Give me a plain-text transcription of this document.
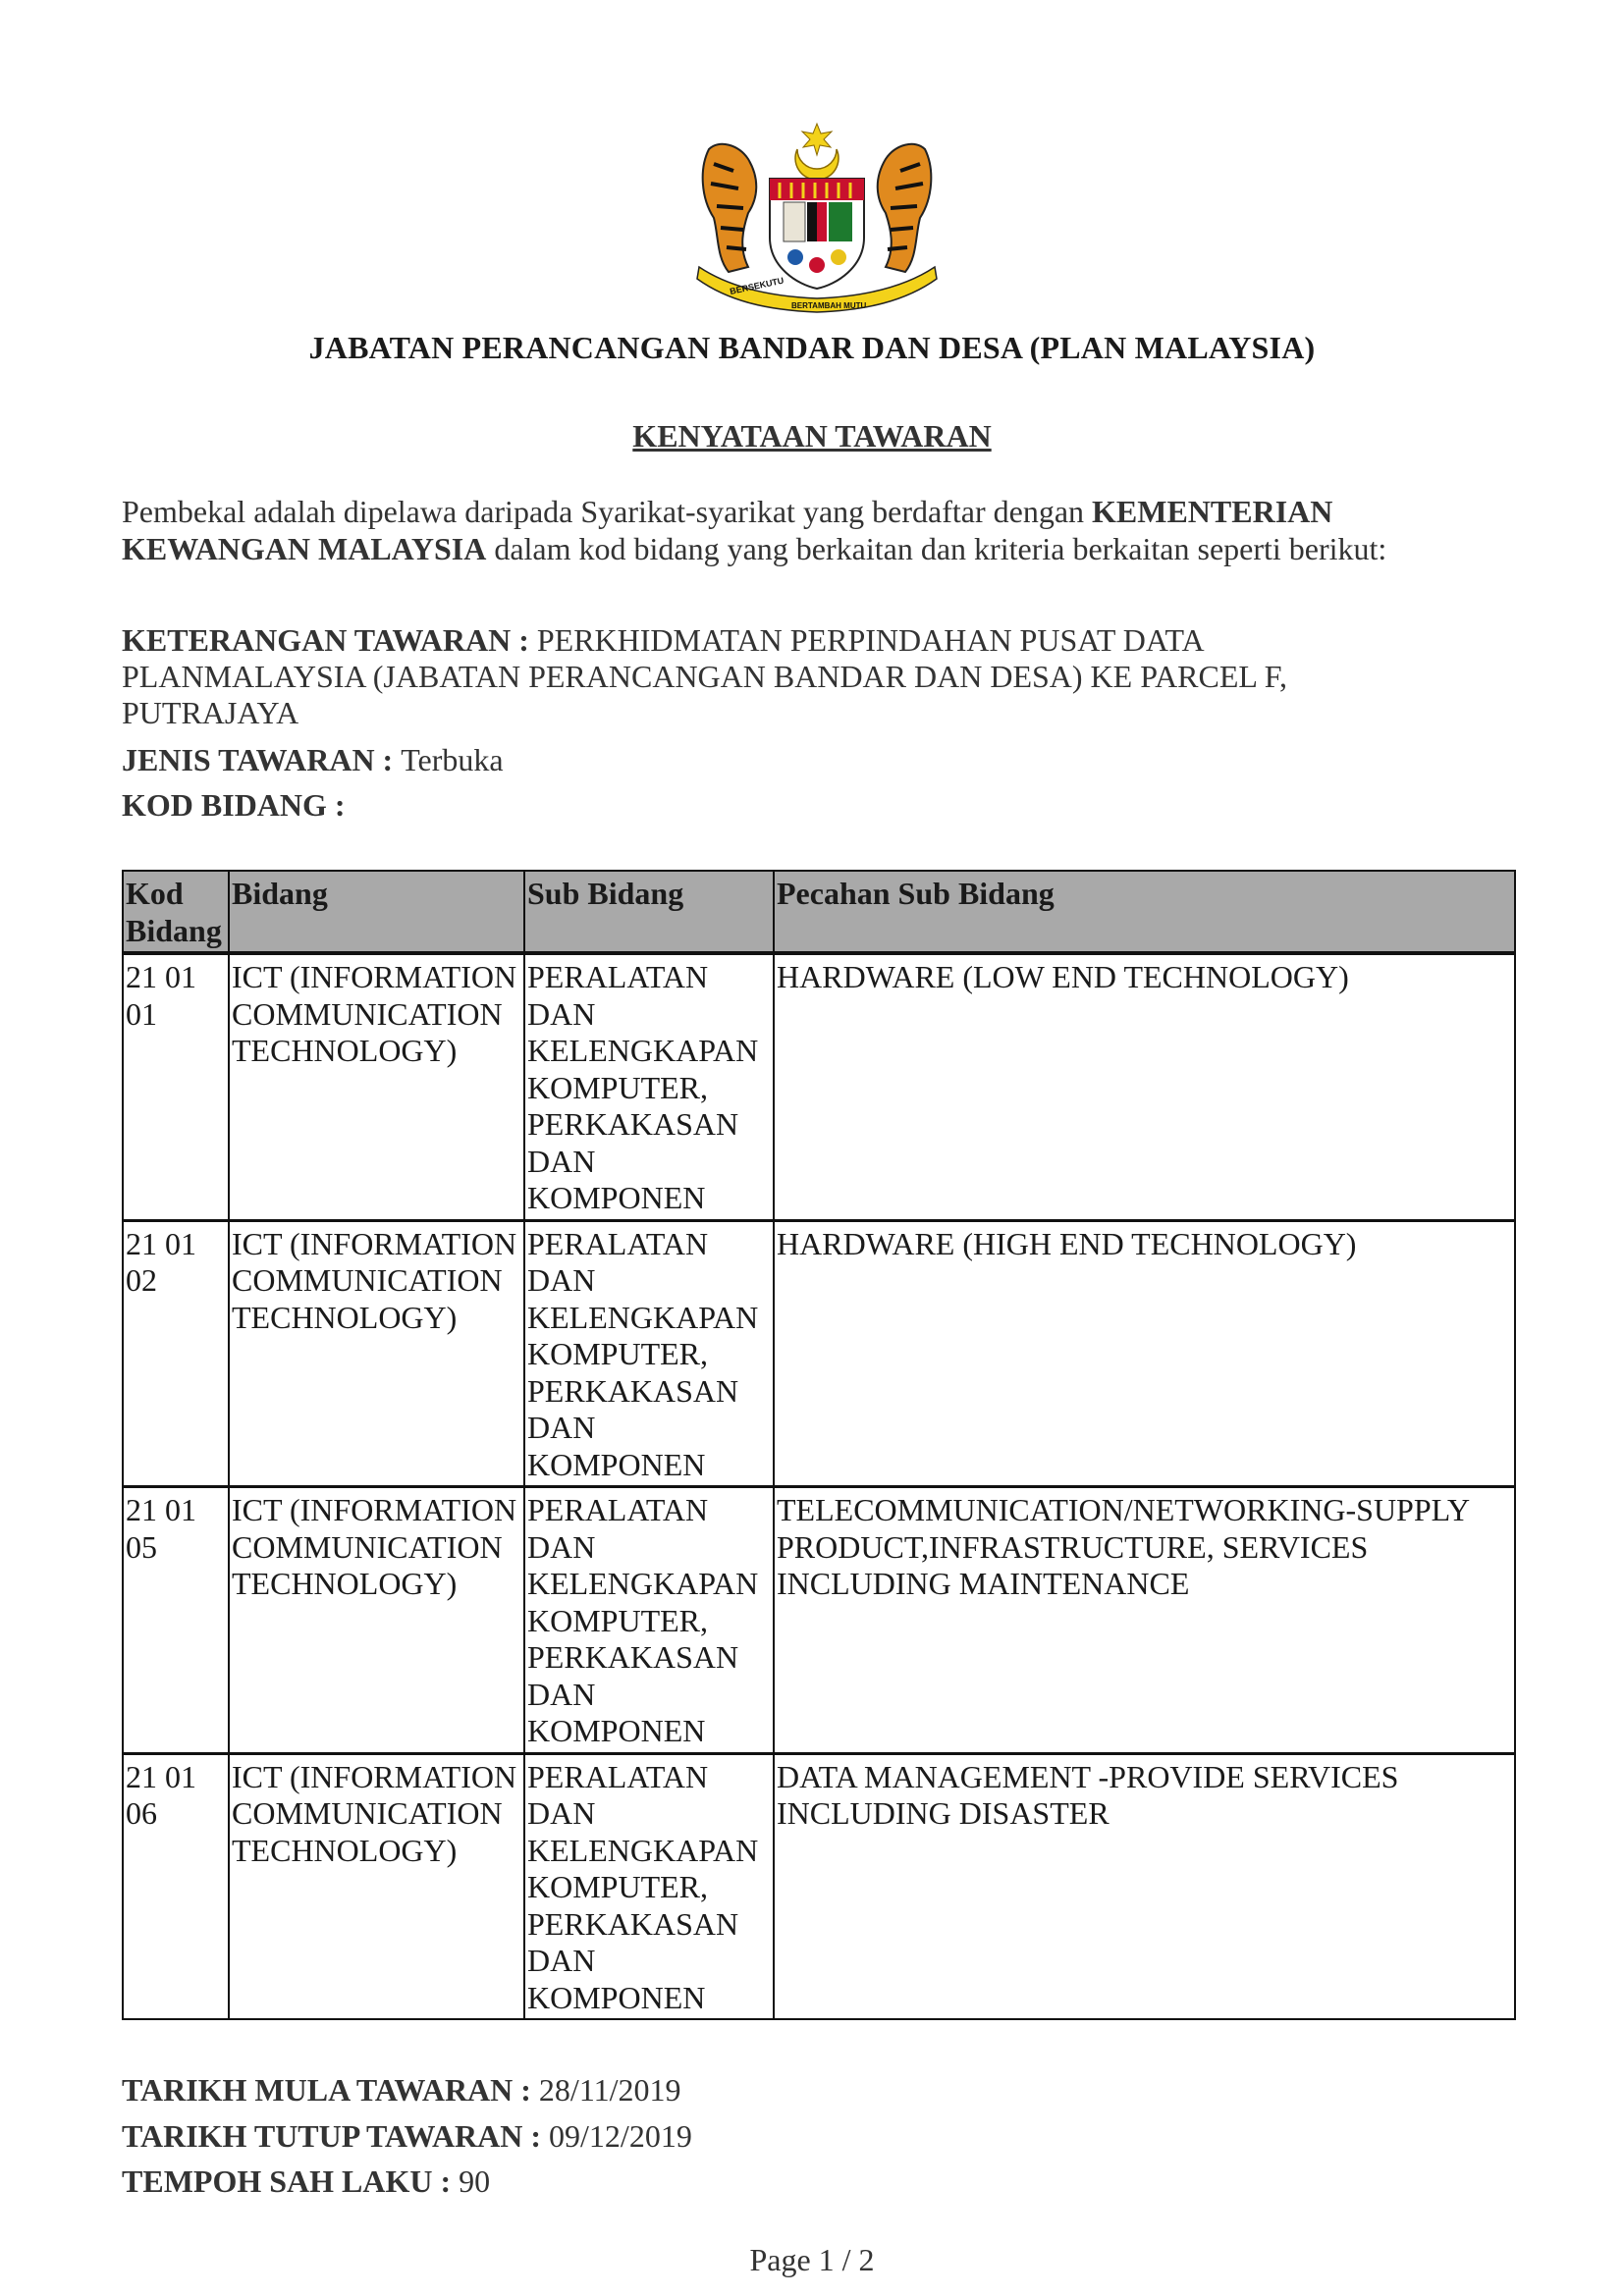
BERSEKUTU
BERTAMBAH MUTU
JABATAN PERANCANGAN BANDAR DAN DESA (PLAN MALAYSIA)
KENYATAAN TAWARAN
Pembekal adalah dipelawa daripada Syarikat-syarikat yang berdaftar dengan KEMENTERIAN
KEWANGAN MALAYSIA dalam kod bidang yang berkaitan dan kriteria berkaitan seperti berikut:
KETERANGAN TAWARAN : PERKHIDMATAN PERPINDAHAN PUSAT DATA
PLANMALAYSIA (JABATAN PERANCANGAN BANDAR DAN DESA) KE PARCEL F,
PUTRAJAYA
JENIS TAWARAN : Terbuka
KOD BIDANG :
Kod Bidang	Bidang	Sub Bidang	Pecahan Sub Bidang
21 01 01	ICT (INFORMATION COMMUNICATION TECHNOLOGY)	PERALATAN DAN KELENGKAPAN KOMPUTER, PERKAKASAN DAN KOMPONEN	HARDWARE (LOW END TECHNOLOGY)
21 01 02	ICT (INFORMATION COMMUNICATION TECHNOLOGY)	PERALATAN DAN KELENGKAPAN KOMPUTER, PERKAKASAN DAN KOMPONEN	HARDWARE (HIGH END TECHNOLOGY)
21 01 05	ICT (INFORMATION COMMUNICATION TECHNOLOGY)	PERALATAN DAN KELENGKAPAN KOMPUTER, PERKAKASAN DAN KOMPONEN	TELECOMMUNICATION/NETWORKING-SUPPLY PRODUCT,INFRASTRUCTURE, SERVICES INCLUDING MAINTENANCE
21 01 06	ICT (INFORMATION COMMUNICATION TECHNOLOGY)	PERALATAN DAN KELENGKAPAN KOMPUTER, PERKAKASAN DAN KOMPONEN	DATA MANAGEMENT -PROVIDE SERVICES INCLUDING DISASTER
TARIKH MULA TAWARAN : 28/11/2019
TARIKH TUTUP TAWARAN : 09/12/2019
TEMPOH SAH LAKU : 90
Page 1 / 2
